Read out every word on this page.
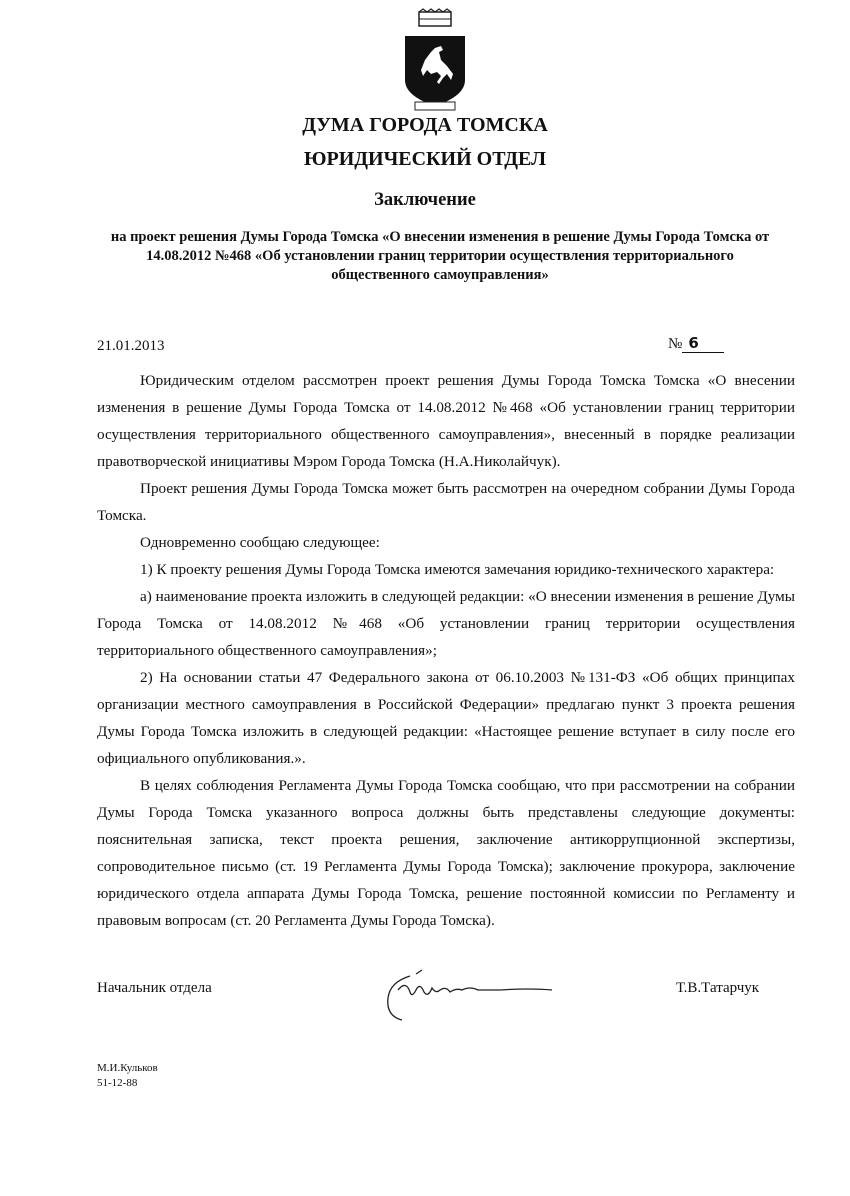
ДУМА ГОРОДА ТОМСКА
ЮРИДИЧЕСКИЙ ОТДЕЛ
Заключение
на проект решения Думы Города Томска «О внесении изменения в решение Думы Города Томска от 14.08.2012 №468 «Об установлении границ территории осуществления территориального общественного самоуправления»
21.01.2013	№ 6

Юридическим отделом рассмотрен проект решения Думы Города Томска Томска «О внесении изменения в решение Думы Города Томска от 14.08.2012 №468 «Об установлении границ территории осуществления территориального общественного самоуправления», внесенный в порядке реализации правотворческой инициативы Мэром Города Томска (Н.А.Николайчук).

Проект решения Думы Города Томска может быть рассмотрен на очередном собрании Думы Города Томска.

Одновременно сообщаю следующее:

1) К проекту решения Думы Города Томска имеются замечания юридико-технического характера:

а) наименование проекта изложить в следующей редакции: «О внесении изменения в решение Думы Города Томска от 14.08.2012 №468 «Об установлении границ территории осуществления территориального общественного самоуправления»;

2) На основании статьи 47 Федерального закона от 06.10.2003 №131-ФЗ «Об общих принципах организации местного самоуправления в Российской Федерации» предлагаю пункт 3 проекта решения Думы Города Томска изложить в следующей редакции: «Настоящее решение вступает в силу после его официального опубликования.».

В целях соблюдения Регламента Думы Города Томска сообщаю, что при рассмотрении на собрании Думы Города Томска указанного вопроса должны быть представлены следующие документы: пояснительная записка, текст проекта решения, заключение антикоррупционной экспертизы, сопроводительное письмо (ст. 19 Регламента Думы Города Томска); заключение прокурора, заключение юридического отдела аппарата Думы Города Томска, решение постоянной комиссии по Регламенту и правовым вопросам (ст. 20 Регламента Думы Города Томска).

Начальник отдела	Т.В.Татарчук
М.И.Кульков
51-12-88
